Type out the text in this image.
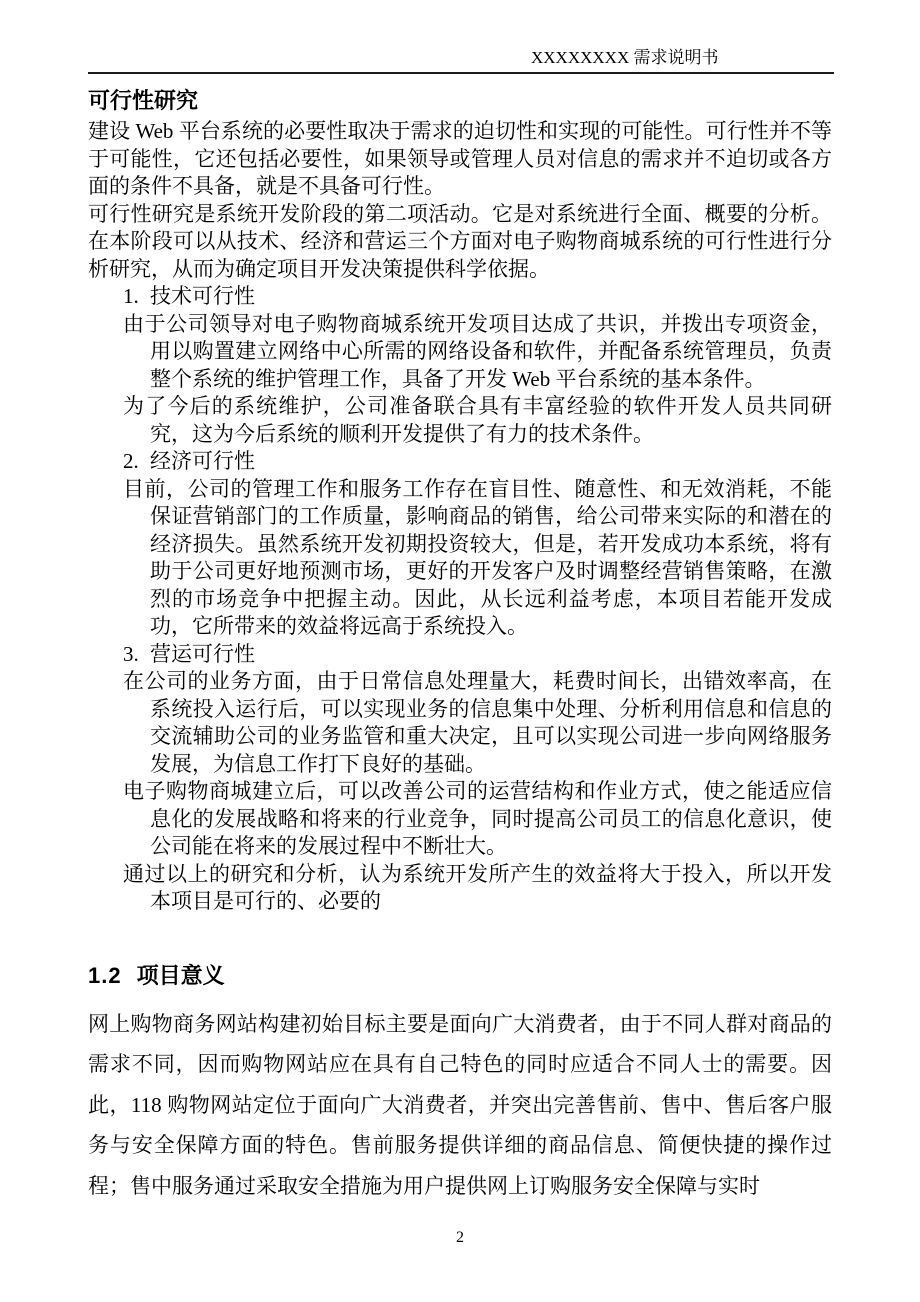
XXXXXXXX 需求说明书
可行性研究

建设 Web 平台系统的必要性取决于需求的迫切性和实现的可能性。可行性并不等于可能性，它还包括必要性，如果领导或管理人员对信息的需求并不迫切或各方面的条件不具备，就是不具备可行性。

可行性研究是系统开发阶段的第二项活动。它是对系统进行全面、概要的分析。在本阶段可以从技术、经济和营运三个方面对电子购物商城系统的可行性进行分析研究，从而为确定项目开发决策提供科学依据。

1. 技术可行性

由于公司领导对电子购物商城系统开发项目达成了共识，并拨出专项资金，用以购置建立网络中心所需的网络设备和软件，并配备系统管理员，负责整个系统的维护管理工作，具备了开发 Web 平台系统的基本条件。

为了今后的系统维护，公司准备联合具有丰富经验的软件开发人员共同研究，这为今后系统的顺利开发提供了有力的技术条件。

2. 经济可行性

目前，公司的管理工作和服务工作存在盲目性、随意性、和无效消耗，不能保证营销部门的工作质量，影响商品的销售，给公司带来实际的和潜在的经济损失。虽然系统开发初期投资较大，但是，若开发成功本系统，将有助于公司更好地预测市场，更好的开发客户及时调整经营销售策略，在激烈的市场竞争中把握主动。因此，从长远利益考虑，本项目若能开发成功，它所带来的效益将远高于系统投入。

3. 营运可行性

在公司的业务方面，由于日常信息处理量大，耗费时间长，出错效率高，在系统投入运行后，可以实现业务的信息集中处理、分析利用信息和信息的交流辅助公司的业务监管和重大决定，且可以实现公司进一步向网络服务发展，为信息工作打下良好的基础。

电子购物商城建立后，可以改善公司的运营结构和作业方式，使之能适应信息化的发展战略和将来的行业竞争，同时提高公司员工的信息化意识，使公司能在将来的发展过程中不断壮大。

通过以上的研究和分析，认为系统开发所产生的效益将大于投入，所以开发本项目是可行的、必要的

1.2 项目意义

网上购物商务网站构建初始目标主要是面向广大消费者，由于不同人群对商品的需求不同，因而购物网站应在具有自己特色的同时应适合不同人士的需要。因此，118 购物网站定位于面向广大消费者，并突出完善售前、售中、售后客户服务与安全保障方面的特色。售前服务提供详细的商品信息、简便快捷的操作过程；售中服务通过采取安全措施为用户提供网上订购服务安全保障与实时

2
